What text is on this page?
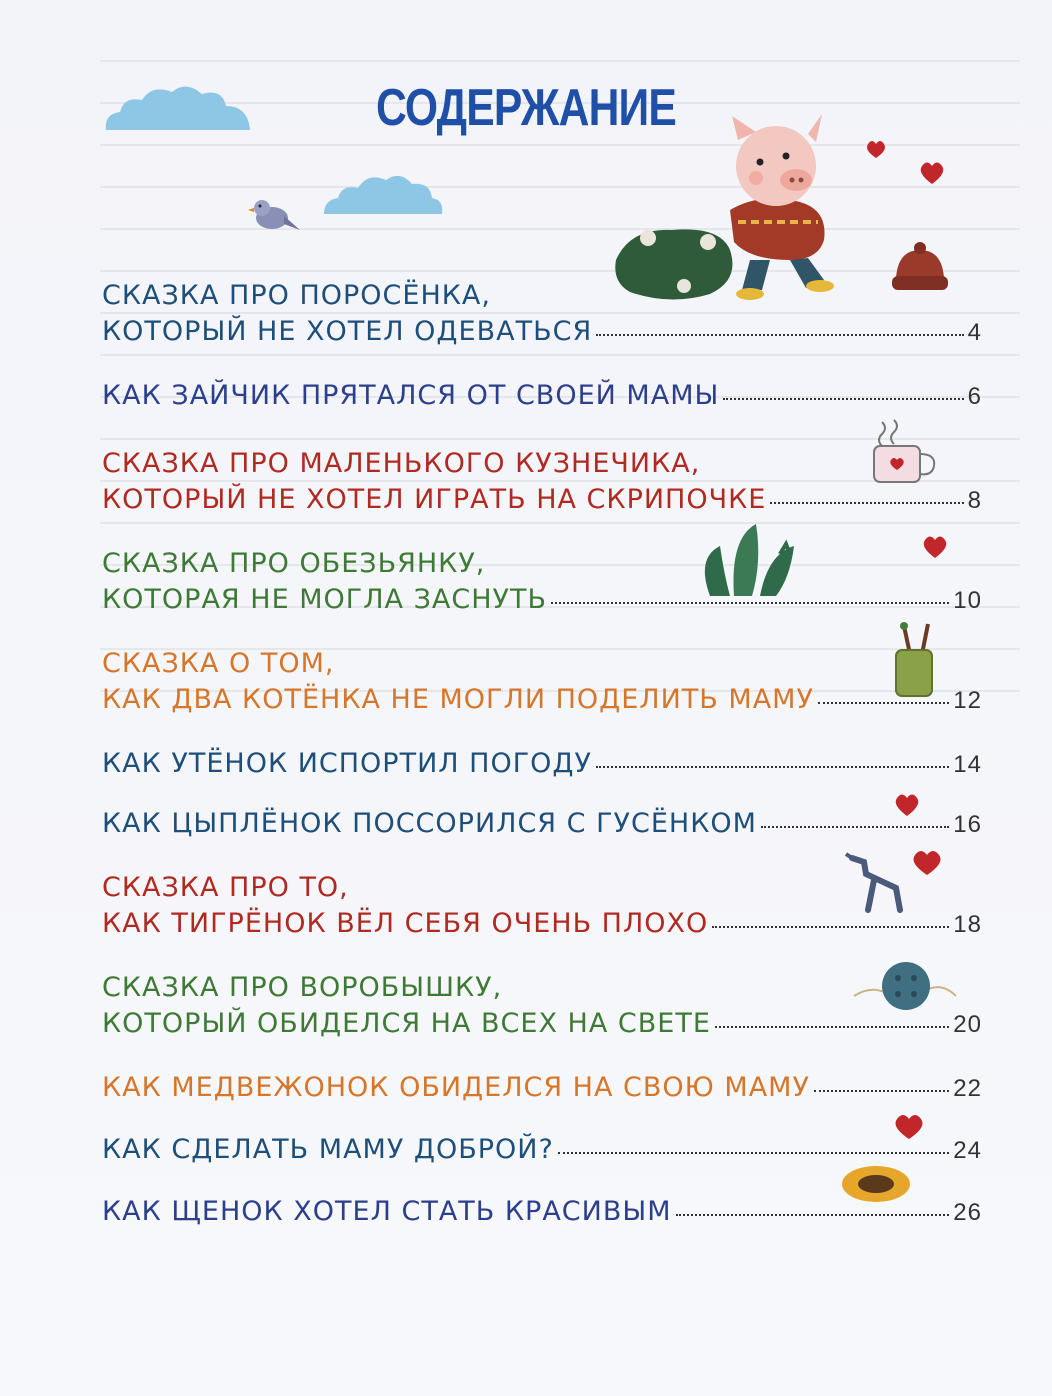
СОДЕРЖАНИЕ
СКАЗКА ПРО ПОРОСЁНКА,
КОТОРЫЙ НЕ ХОТЕЛ ОДЕВАТЬСЯ	4
КАК ЗАЙЧИК ПРЯТАЛСЯ ОТ СВОЕЙ МАМЫ	6
СКАЗКА ПРО МАЛЕНЬКОГО КУЗНЕЧИКА,
КОТОРЫЙ НЕ ХОТЕЛ ИГРАТЬ НА СКРИПОЧКЕ	8
СКАЗКА ПРО ОБЕЗЬЯНКУ,
КОТОРАЯ НЕ МОГЛА ЗАСНУТЬ	10
СКАЗКА О ТОМ,
КАК ДВА КОТЁНКА НЕ МОГЛИ ПОДЕЛИТЬ МАМУ	12
КАК УТЁНОК ИСПОРТИЛ ПОГОДУ	14
КАК ЦЫПЛЁНОК ПОССОРИЛСЯ С ГУСЁНКОМ	16
СКАЗКА ПРО ТО,
КАК ТИГРЁНОК ВЁЛ СЕБЯ ОЧЕНЬ ПЛОХО	18
СКАЗКА ПРО ВОРОБЫШКУ,
КОТОРЫЙ ОБИДЕЛСЯ НА ВСЕХ НА СВЕТЕ	20
КАК МЕДВЕЖОНОК ОБИДЕЛСЯ НА СВОЮ МАМУ	22
КАК СДЕЛАТЬ МАМУ ДОБРОЙ?	24
КАК ЩЕНОК ХОТЕЛ СТАТЬ КРАСИВЫМ	26
